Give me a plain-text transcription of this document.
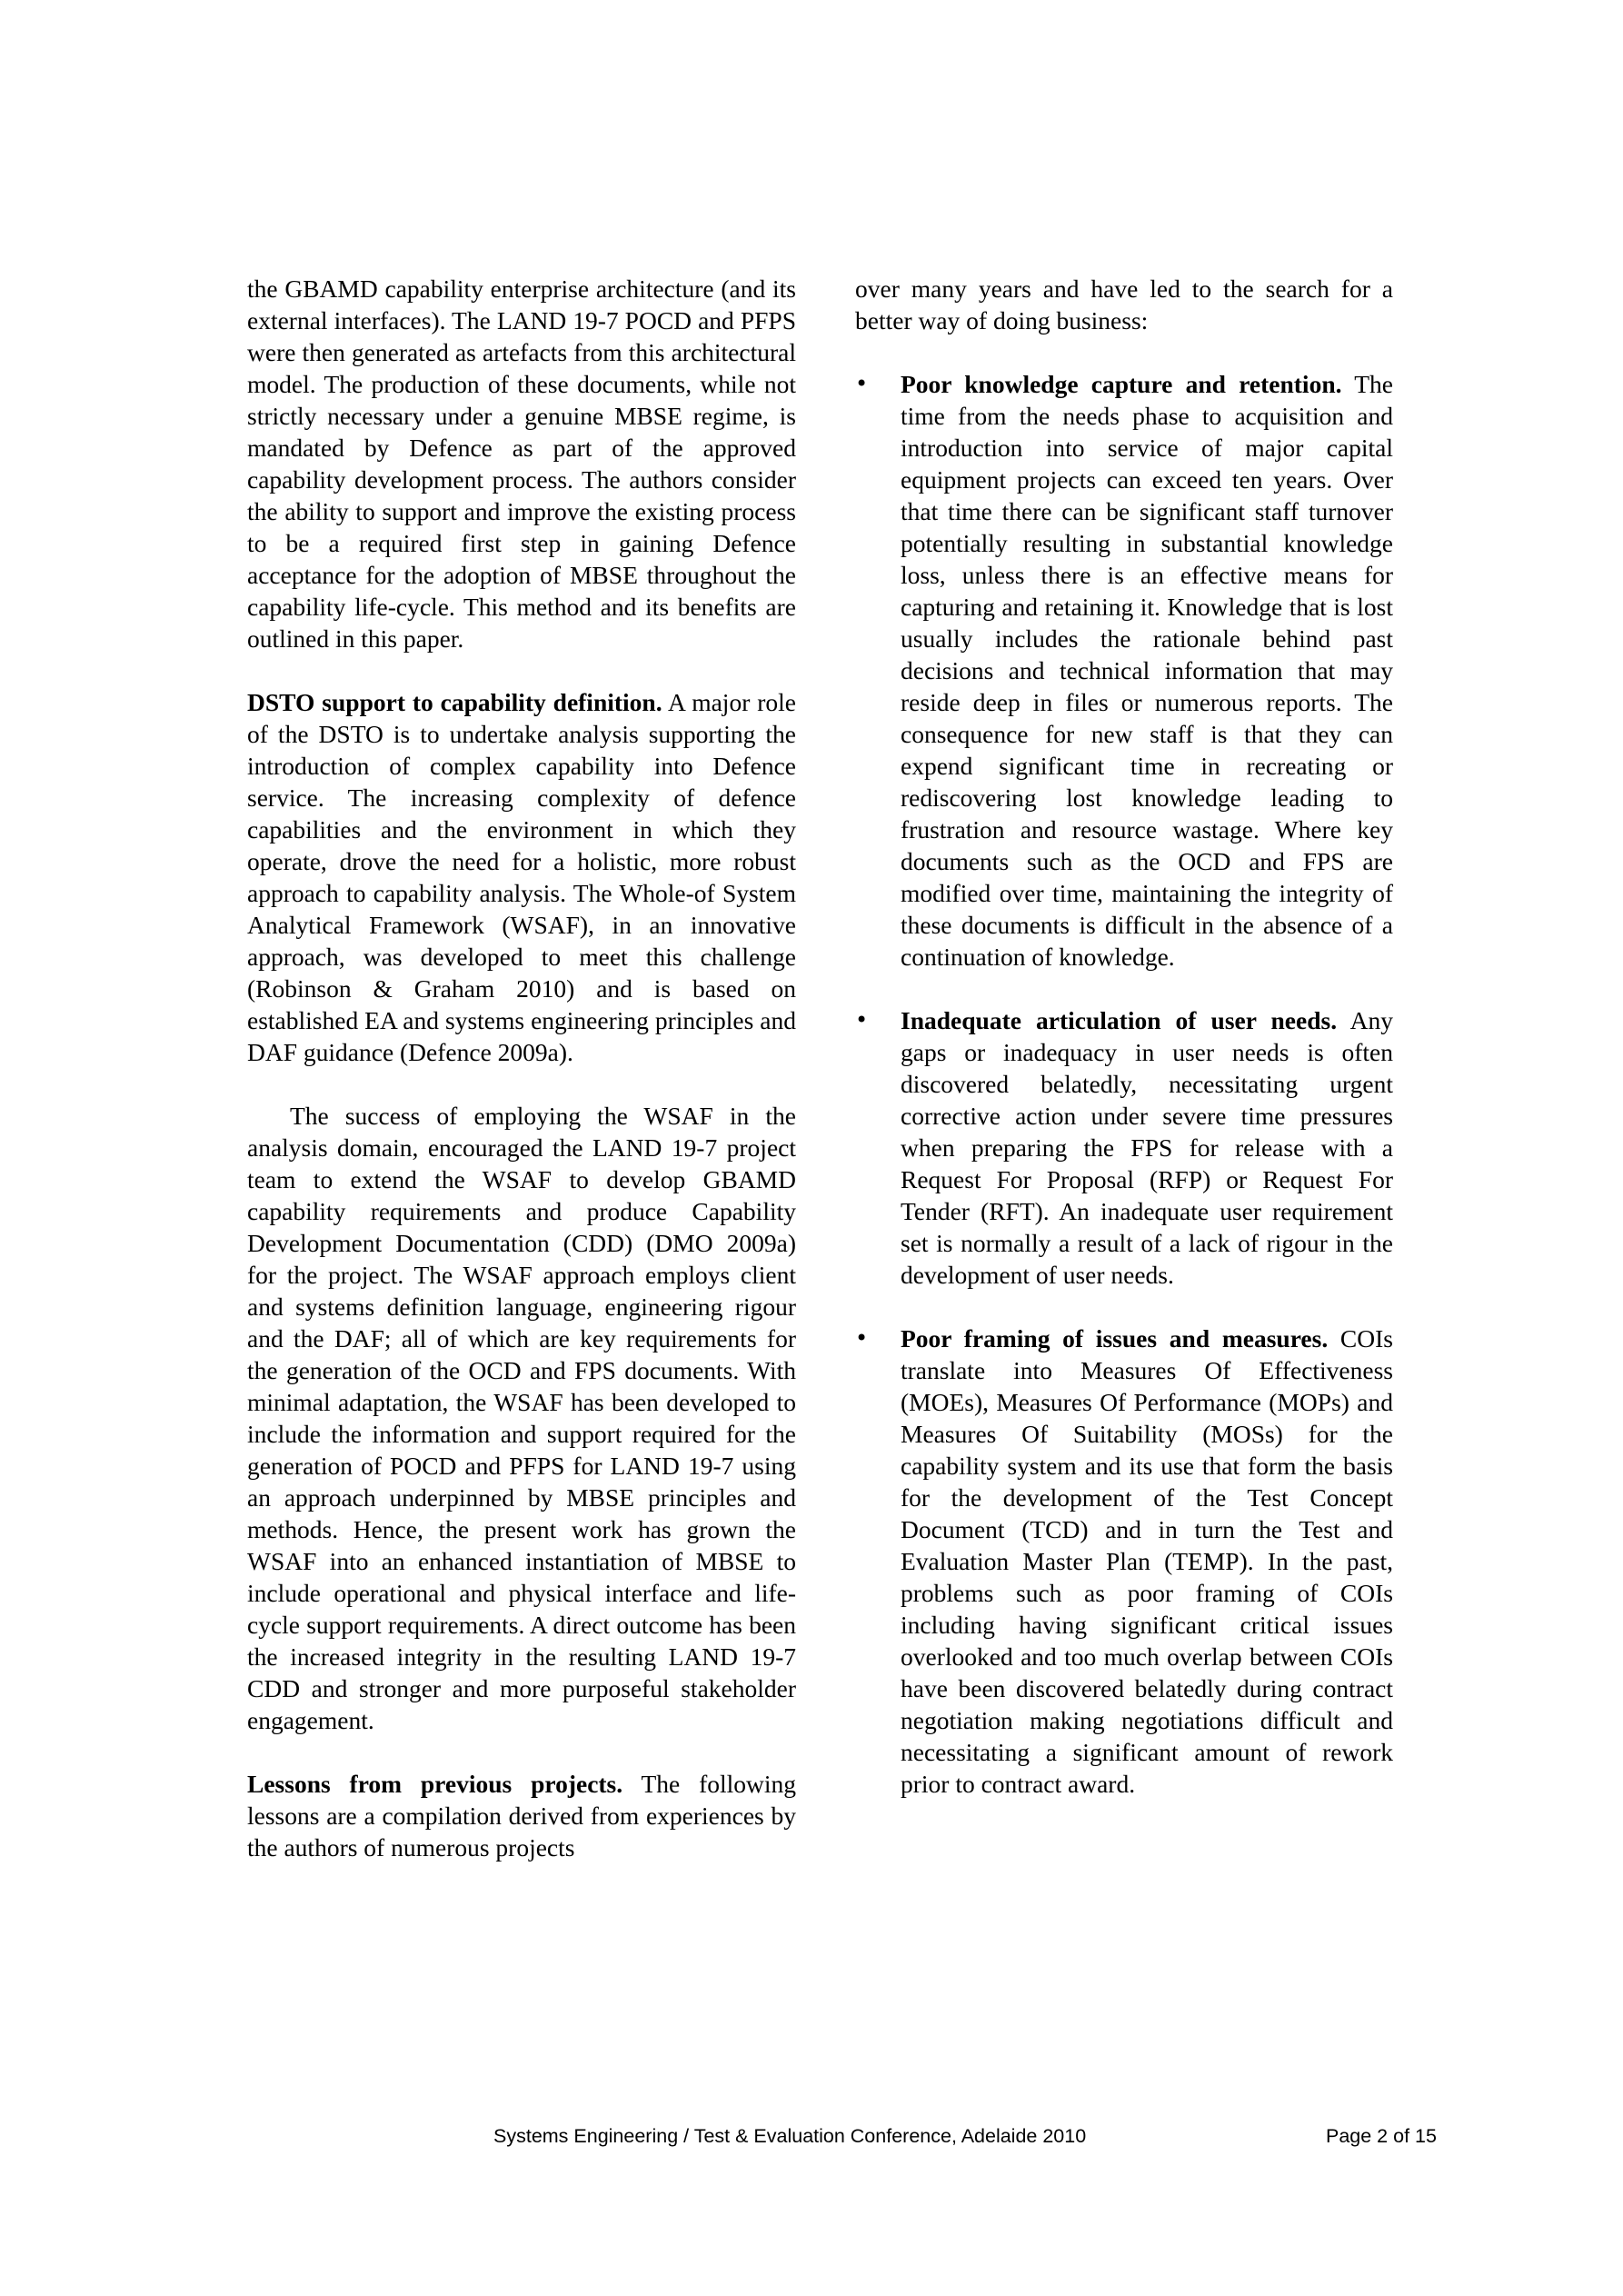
the GBAMD capability enterprise architecture (and its external interfaces). The LAND 19-7 POCD and PFPS were then generated as artefacts from this architectural model. The production of these documents, while not strictly necessary under a genuine MBSE regime, is mandated by Defence as part of the approved capability development process. The authors consider the ability to support and improve the existing process to be a required first step in gaining Defence acceptance for the adoption of MBSE throughout the capability life-cycle. This method and its benefits are outlined in this paper.

DSTO support to capability definition. A major role of the DSTO is to undertake analysis supporting the introduction of complex capability into Defence service. The increasing complexity of defence capabilities and the environment in which they operate, drove the need for a holistic, more robust approach to capability analysis. The Whole-of System Analytical Framework (WSAF), in an innovative approach, was developed to meet this challenge (Robinson & Graham 2010) and is based on established EA and systems engineering principles and DAF guidance (Defence 2009a).

The success of employing the WSAF in the analysis domain, encouraged the LAND 19-7 project team to extend the WSAF to develop GBAMD capability requirements and produce Capability Development Documentation (CDD) (DMO 2009a) for the project. The WSAF approach employs client and systems definition language, engineering rigour and the DAF; all of which are key requirements for the generation of the OCD and FPS documents. With minimal adaptation, the WSAF has been developed to include the information and support required for the generation of POCD and PFPS for LAND 19-7 using an approach underpinned by MBSE principles and methods. Hence, the present work has grown the WSAF into an enhanced instantiation of MBSE to include operational and physical interface and life-cycle support requirements. A direct outcome has been the increased integrity in the resulting LAND 19-7 CDD and stronger and more purposeful stakeholder engagement.

Lessons from previous projects. The following lessons are a compilation derived from experiences by the authors of numerous projects

over many years and have led to the search for a better way of doing business:

•	Poor knowledge capture and retention. The time from the needs phase to acquisition and introduction into service of major capital equipment projects can exceed ten years. Over that time there can be significant staff turnover potentially resulting in substantial knowledge loss, unless there is an effective means for capturing and retaining it. Knowledge that is lost usually includes the rationale behind past decisions and technical information that may reside deep in files or numerous reports. The consequence for new staff is that they can expend significant time in recreating or rediscovering lost knowledge leading to frustration and resource wastage. Where key documents such as the OCD and FPS are modified over time, maintaining the integrity of these documents is difficult in the absence of a continuation of knowledge.
•	Inadequate articulation of user needs. Any gaps or inadequacy in user needs is often discovered belatedly, necessitating urgent corrective action under severe time pressures when preparing the FPS for release with a Request For Proposal (RFP) or Request For Tender (RFT). An inadequate user requirement set is normally a result of a lack of rigour in the development of user needs.
•	Poor framing of issues and measures. COIs translate into Measures Of Effectiveness (MOEs), Measures Of Performance (MOPs) and Measures Of Suitability (MOSs) for the capability system and its use that form the basis for the development of the Test Concept Document (TCD) and in turn the Test and Evaluation Master Plan (TEMP). In the past, problems such as poor framing of COIs including having significant critical issues overlooked and too much overlap between COIs have been discovered belatedly during contract negotiation making negotiations difficult and necessitating a significant amount of rework prior to contract award.
Systems Engineering / Test & Evaluation Conference, Adelaide 2010	Page 2 of 15
